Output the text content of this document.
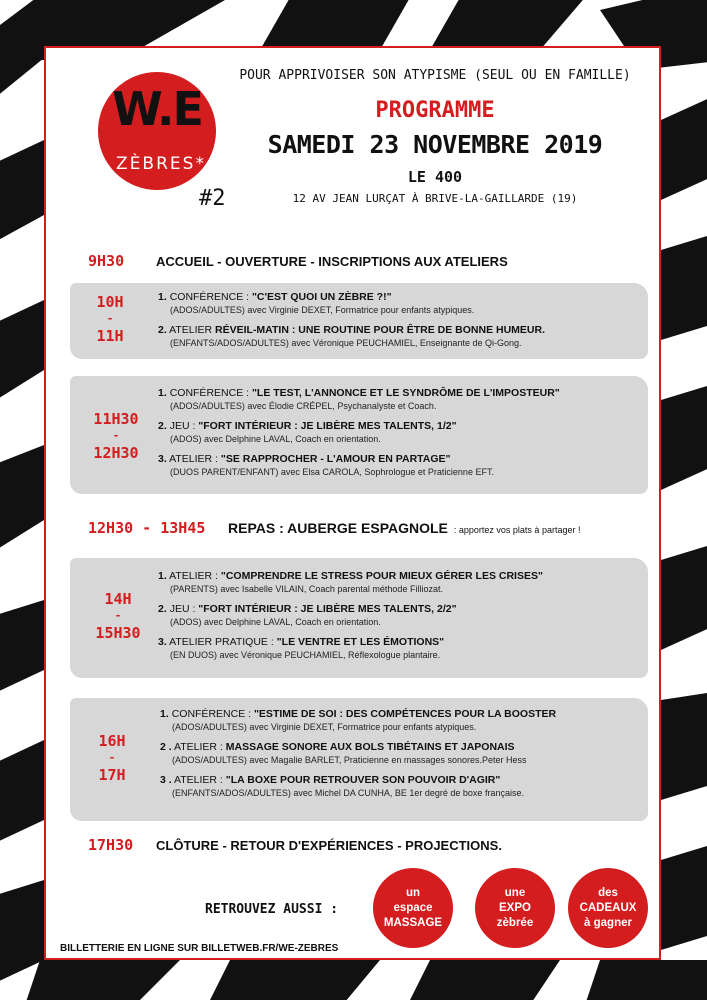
W.E
ZÈBRES*
#2
POUR APPRIVOISER SON ATYPISME (SEUL OU EN FAMILLE)
PROGRAMME
SAMEDI 23 NOVEMBRE 2019
LE 400
12 AV JEAN LURÇAT À BRIVE-LA-GAILLARDE (19)
9H30	ACCUEIL - OUVERTURE - INSCRIPTIONS AUX ATELIERS
10H
-
11H
1. CONFÉRENCE : "C'EST QUOI UN ZÈBRE ?!"
(ADOS/ADULTES) avec Virginie DEXET, Formatrice pour enfants atypiques.
2. ATELIER RÉVEIL-MATIN : UNE ROUTINE POUR ÊTRE DE BONNE HUMEUR.
(ENFANTS/ADOS/ADULTES) avec Véronique PEUCHAMIEL, Enseignante de Qi-Gong.
11H30
-
12H30
1. CONFÉRENCE : "LE TEST, L'ANNONCE ET LE SYNDRÔME DE L'IMPOSTEUR"
(ADOS/ADULTES) avec Élodie CRÉPEL, Psychanalyste et Coach.
2. JEU : "FORT INTÉRIEUR : JE LIBÈRE MES TALENTS, 1/2"
(ADOS) avec Delphine LAVAL, Coach en orientation.
3. ATELIER : "SE RAPPROCHER - L'AMOUR EN PARTAGE"
(DUOS PARENT/ENFANT) avec Elsa CAROLA, Sophrologue et Praticienne EFT.
12H30 - 13H45	REPAS : AUBERGE ESPAGNOLE : apportez vos plats à partager !
14H
-
15H30
1. ATELIER : "COMPRENDRE LE STRESS POUR MIEUX GÉRER LES CRISES"
(PARENTS) avec Isabelle VILAIN, Coach parental méthode Filliozat.
2. JEU : "FORT INTÉRIEUR : JE LIBÈRE MES TALENTS, 2/2"
(ADOS) avec Delphine LAVAL, Coach en orientation.
3. ATELIER PRATIQUE : "LE VENTRE ET LES ÉMOTIONS"
(EN DUOS) avec Véronique PEUCHAMIEL, Réflexologue plantaire.
16H
-
17H
1. CONFÉRENCE : "ESTIME DE SOI : DES COMPÉTENCES POUR LA BOOSTER
(ADOS/ADULTES) avec Virginie DEXET, Formatrice pour enfants atypiques.
2 . ATELIER : MASSAGE SONORE AUX BOLS TIBÉTAINS ET JAPONAIS
(ADOS/ADULTES) avec Magalie BARLET, Praticienne en massages sonores.Peter Hess
3 . ATELIER : "LA BOXE POUR RETROUVER SON POUVOIR D'AGIR"
(ENFANTS/ADOS/ADULTES) avec Michel DA CUNHA, BE 1er degré de boxe française.
17H30	CLÔTURE - RETOUR D'EXPÉRIENCES - PROJECTIONS.
RETROUVEZ AUSSI :
un
espace
MASSAGE
une
EXPO
zèbrée
des
CADEAUX
à gagner
BILLETTERIE EN LIGNE SUR BILLETWEB.FR/WE-ZEBRES
